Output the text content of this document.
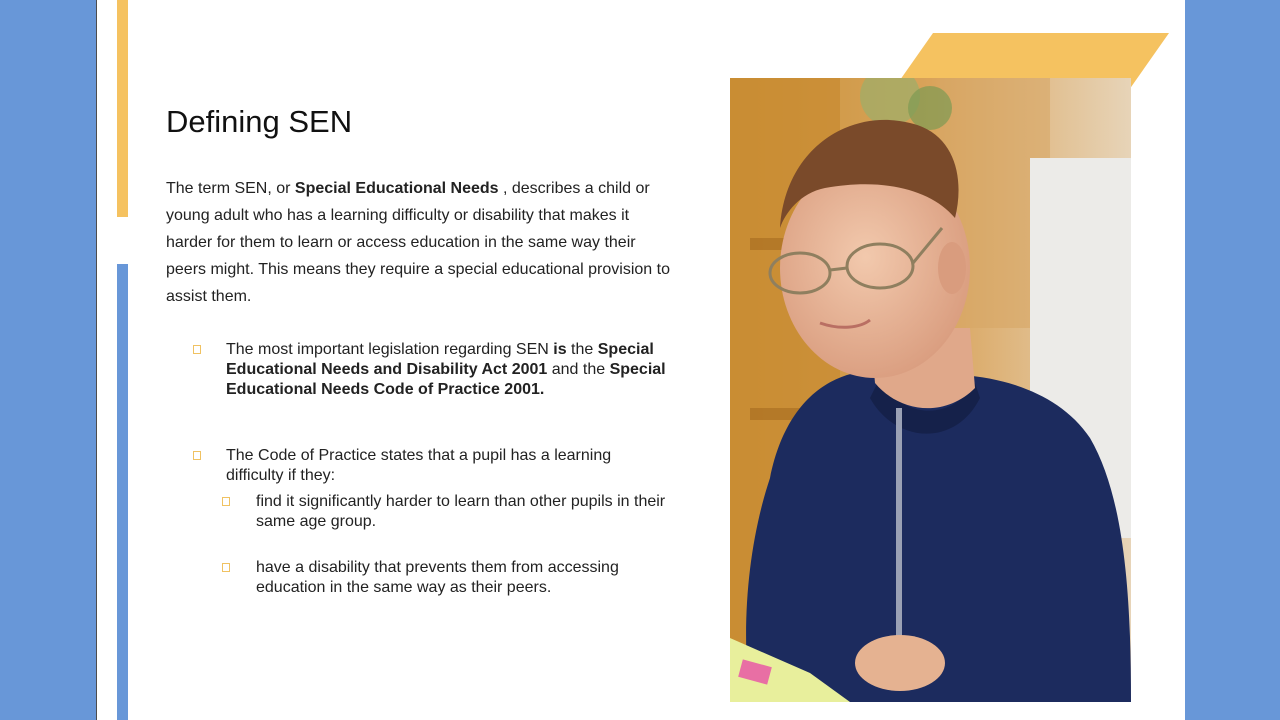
Defining SEN

The term SEN, or Special Educational Needs , describes a child or young adult who has a learning difficulty or disability that makes it harder for them to learn or access education in the same way their peers might. This means they require a special educational provision to assist them.

The most important legislation regarding SEN is the Special Educational Needs and Disability Act 2001 and the Special Educational Needs Code of Practice 2001.
The Code of Practice states that a pupil has a learning difficulty if they:
find it significantly harder to learn than other pupils in their same age group.
have a disability that prevents them from accessing education in the same way as their peers.
